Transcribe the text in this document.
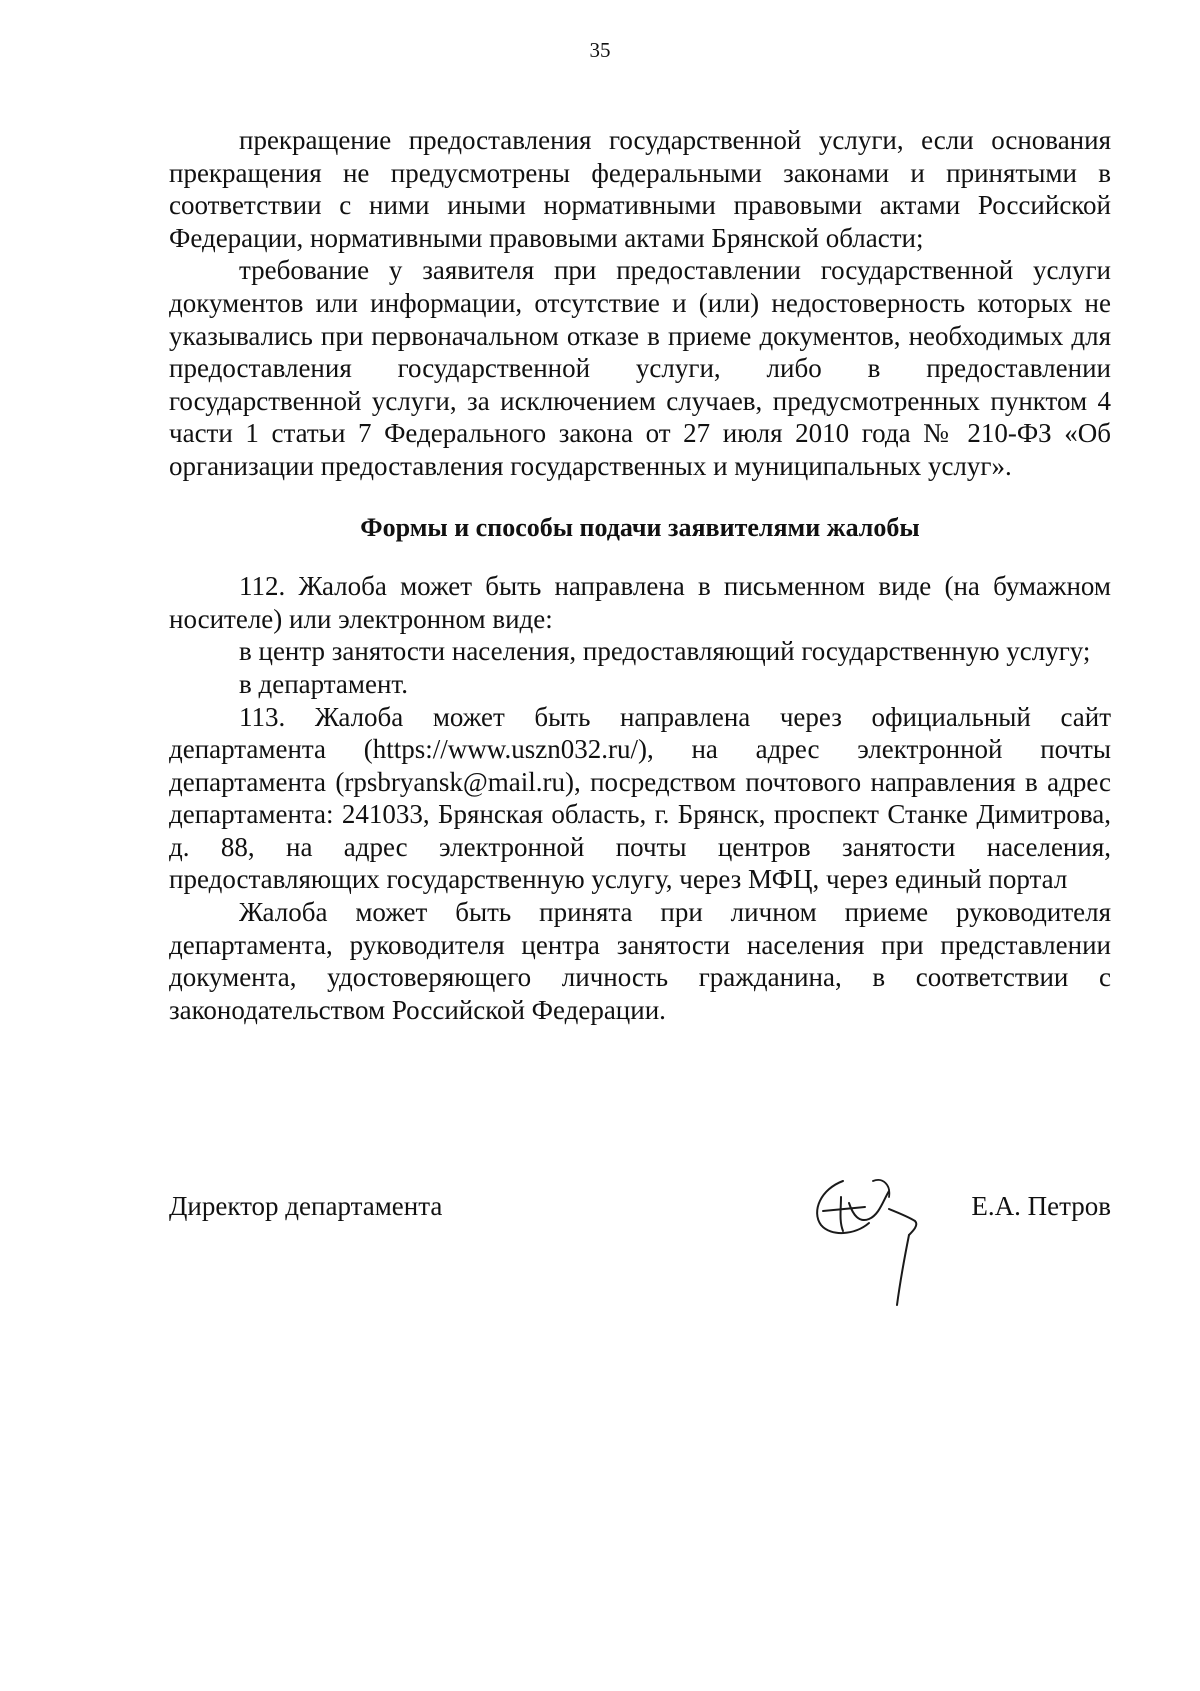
35

прекращение предоставления государственной услуги, если основания прекращения не предусмотрены федеральными законами и принятыми в соответствии с ними иными нормативными правовыми актами Российской Федерации, нормативными правовыми актами Брянской области;

требование у заявителя при предоставлении государственной услуги документов или информации, отсутствие и (или) недостоверность которых не указывались при первоначальном отказе в приеме документов, необходимых для предоставления государственной услуги, либо в предоставлении государственной услуги, за исключением случаев, предусмотренных пунктом 4 части 1 статьи 7 Федерального закона от 27 июля 2010 года № 210-ФЗ «Об организации предоставления государственных и муниципальных услуг».

Формы и способы подачи заявителями жалобы

112. Жалоба может быть направлена в письменном виде (на бумажном носителе) или электронном виде:

в центр занятости населения, предоставляющий государственную услугу;

в департамент.

113. Жалоба может быть направлена через официальный сайт департамента (https://www.uszn032.ru/), на адрес электронной почты департамента (rpsbryansk@mail.ru), посредством почтового направления в адрес департамента: 241033, Брянская область, г. Брянск, проспект Станке Димитрова, д. 88, на адрес электронной почты центров занятости населения, предоставляющих государственную услугу, через МФЦ, через единый портал

Жалоба может быть принята при личном приеме руководителя департамента, руководителя центра занятости населения при представлении документа, удостоверяющего личность гражданина, в соответствии с законодательством Российской Федерации.

Директор департамента	Е.А. Петров
